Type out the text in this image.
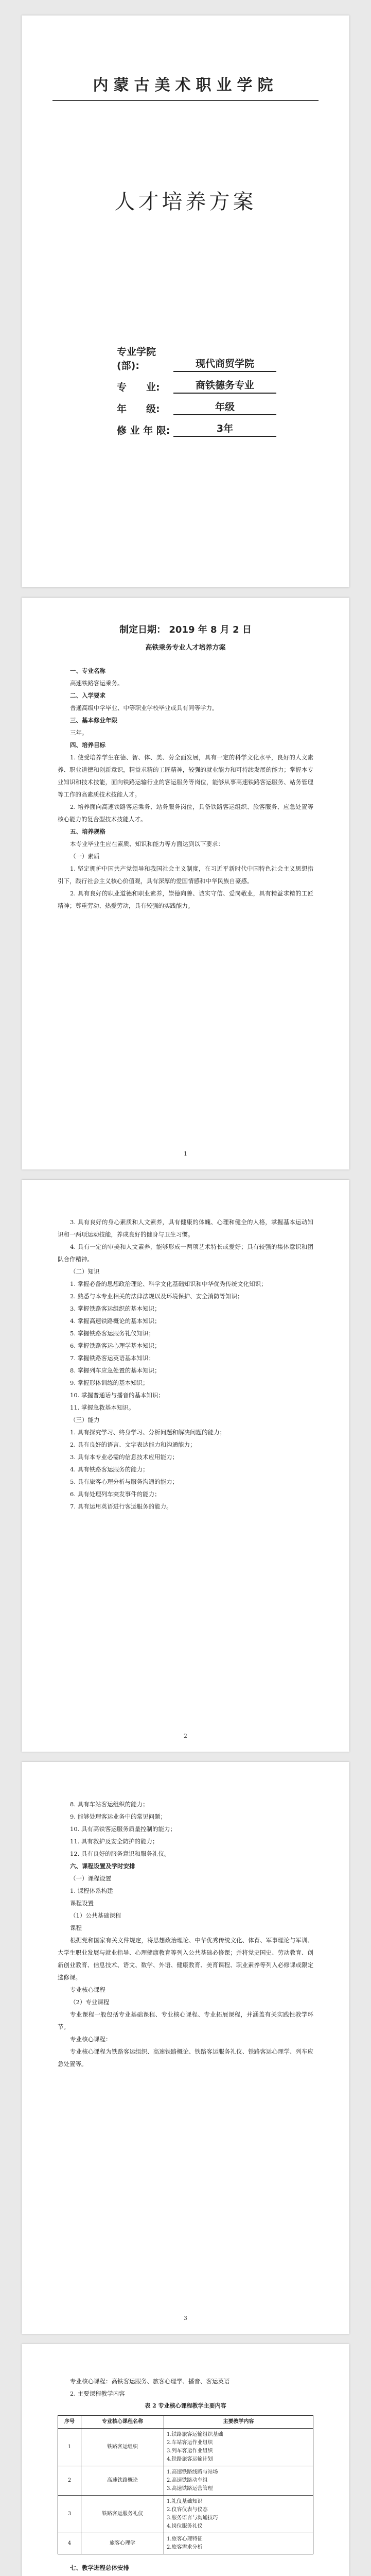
内蒙古美术职业学院
人才培养方案
专业学院(部):	现代商贸学院
专　　业:	商铁德务专业
年　　级:	年级
修 业 年 限:	3年
制定日期： 2019 年 8 月 2 日
高铁乘务专业人才培养方案

一、专业名称

高速铁路客运乘务。

二、入学要求

普通高级中学毕业、中等职业学校毕业或具有同等学力。

三、基本修业年限

三年。

四、培养目标

1. 使受培养学生在德、智、体、美、劳全面发展，具有一定的科学文化水平，良好的人文素养、职业道德和创新意识，精益求精的工匠精神，较强的就业能力和可持续发展的能力；掌握本专业知识和技术技能，面向铁路运输行业的客运服务等岗位，能够从事高速铁路客运服务、站务管理等工作的高素质技术技能人才。

2. 培养面向高速铁路客运乘务、站务服务岗位，具备铁路客运组织、旅客服务、应急处置等核心能力的复合型技术技能人才。

五、培养规格

本专业毕业生应在素质、知识和能力等方面达到以下要求：

（一）素质

1. 坚定拥护中国共产党领导和我国社会主义制度，在习近平新时代中国特色社会主义思想指引下，践行社会主义核心价值观，具有深厚的爱国情感和中华民族自豪感。

2. 具有良好的职业道德和职业素养，崇德向善、诚实守信、爱岗敬业，具有精益求精的工匠精神；尊重劳动、热爱劳动，具有较强的实践能力。

1

3. 具有良好的身心素质和人文素养，具有健康的体魄、心理和健全的人格，掌握基本运动知识和一两项运动技能，养成良好的健身与卫生习惯。

4. 具有一定的审美和人文素养，能够形成一两项艺术特长或爱好；具有较强的集体意识和团队合作精神。

（二）知识

1. 掌握必备的思想政治理论、科学文化基础知识和中华优秀传统文化知识；

2. 熟悉与本专业相关的法律法规以及环境保护、安全消防等知识；

3. 掌握铁路客运组织的基本知识；

4. 掌握高速铁路概论的基本知识；

5. 掌握铁路客运服务礼仪知识；

6. 掌握铁路客运心理学基本知识；

7. 掌握铁路客运英语基本知识；

8. 掌握列车应急处置的基本知识；

9. 掌握形体训练的基本知识；

10. 掌握普通话与播音的基本知识；

11. 掌握急救基本知识。

（三）能力

1. 具有探究学习、终身学习、分析问题和解决问题的能力；

2. 具有良好的语言、文字表达能力和沟通能力；

3. 具有本专业必需的信息技术应用能力；

4. 具有铁路客运服务的能力；

5. 具有旅客心理分析与服务沟通的能力；

6. 具有处理列车突发事件的能力；

7. 具有运用英语进行客运服务的能力。

2

8. 具有车站客运组织的能力；

9. 能够处理客运业务中的常见问题；

10. 具有高铁客运服务质量控制的能力；

11. 具有救护及安全防护的能力；

12. 具有良好的服务意识和服务礼仪。

六、课程设置及学时安排

（一）课程设置

1. 课程体系构建

课程设置

（1）公共基础课程

课程

根据党和国家有关文件规定，将思想政治理论、中华优秀传统文化、体育、军事理论与军训、大学生职业发展与就业指导、心理健康教育等列入公共基础必修课；并将党史国史、劳动教育、创新创业教育、信息技术、语文、数学、外语、健康教育、美育课程、职业素养等列入必修课或限定选修课。

专业核心课程

（2）专业课程

专业课程一般包括专业基础课程、专业核心课程、专业拓展课程，并涵盖有关实践性教学环节。

专业核心课程：

专业核心课程为铁路客运组织、高速铁路概论、铁路客运服务礼仪、铁路客运心理学、列车应急处置等。

3

专业核心课程：高铁客运服务、旅客心理学、播音、客运英语

2. 主要课程教学内容

表 2 专业核心课程教学主要内容
序号	专业核心课程名称	主要教学内容
1	铁路客运组织	1.铁路旅客运输组织基础
2.车站客运作业组织
3.列车客运作业组织
4.铁路旅客运输计划
2	高速铁路概论	1.高速铁路线路与站场
2.高速铁路动车组
3.高速铁路运营管理
3	铁路客运服务礼仪	1.礼仪基础知识
2.仪容仪表与仪态
3.服务语言与沟通技巧
4.岗位服务礼仪
4	旅客心理学	1.旅客心理特征
2.旅客需求分析

七、教学进程总体安排
